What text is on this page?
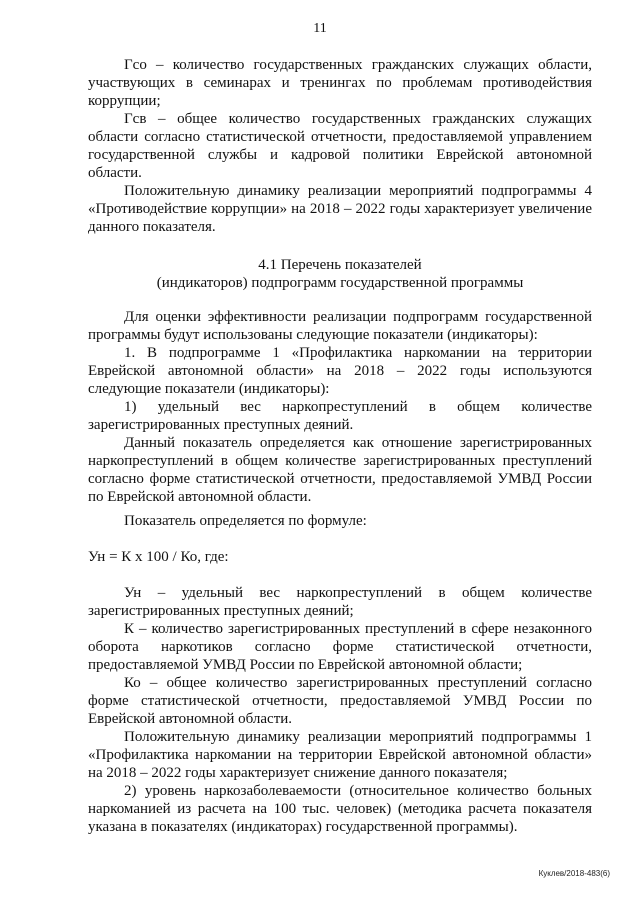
11

Гсо – количество государственных гражданских служащих области, участвующих в семинарах и тренингах по проблемам противодействия коррупции;

Гсв – общее количество государственных гражданских служащих области согласно статистической отчетности, предоставляемой управлением государственной службы и кадровой политики Еврейской автономной области.

Положительную динамику реализации мероприятий подпрограммы 4 «Противодействие коррупции» на 2018 – 2022 годы характеризует увеличение данного показателя.

4.1 Перечень показателей
(индикаторов) подпрограмм государственной программы

Для оценки эффективности реализации подпрограмм государственной программы будут использованы следующие показатели (индикаторы):

1. В подпрограмме 1 «Профилактика наркомании на территории Еврейской автономной области» на 2018 – 2022 годы используются следующие показатели (индикаторы):

1) удельный вес наркопреступлений в общем количестве зарегистрированных преступных деяний.

Данный показатель определяется как отношение зарегистрированных наркопреступлений в общем количестве зарегистрированных преступлений согласно форме статистической отчетности, предоставляемой УМВД России по Еврейской автономной области.

Показатель определяется по формуле:

Ун = К х 100 / Ко, где:

Ун – удельный вес наркопреступлений в общем количестве зарегистрированных преступных деяний;

К – количество зарегистрированных преступлений в сфере незаконного оборота наркотиков согласно форме статистической отчетности, предоставляемой УМВД России по Еврейской автономной области;

Ко – общее количество зарегистрированных преступлений согласно форме статистической отчетности, предоставляемой УМВД России по Еврейской автономной области.

Положительную динамику реализации мероприятий подпрограммы 1 «Профилактика наркомании на территории Еврейской автономной области» на 2018 – 2022 годы характеризует снижение данного показателя;

2) уровень наркозаболеваемости (относительное количество больных наркоманией из расчета на 100 тыс. человек) (методика расчета показателя указана в показателях (индикаторах) государственной программы).

Куклев/2018-483(6)
